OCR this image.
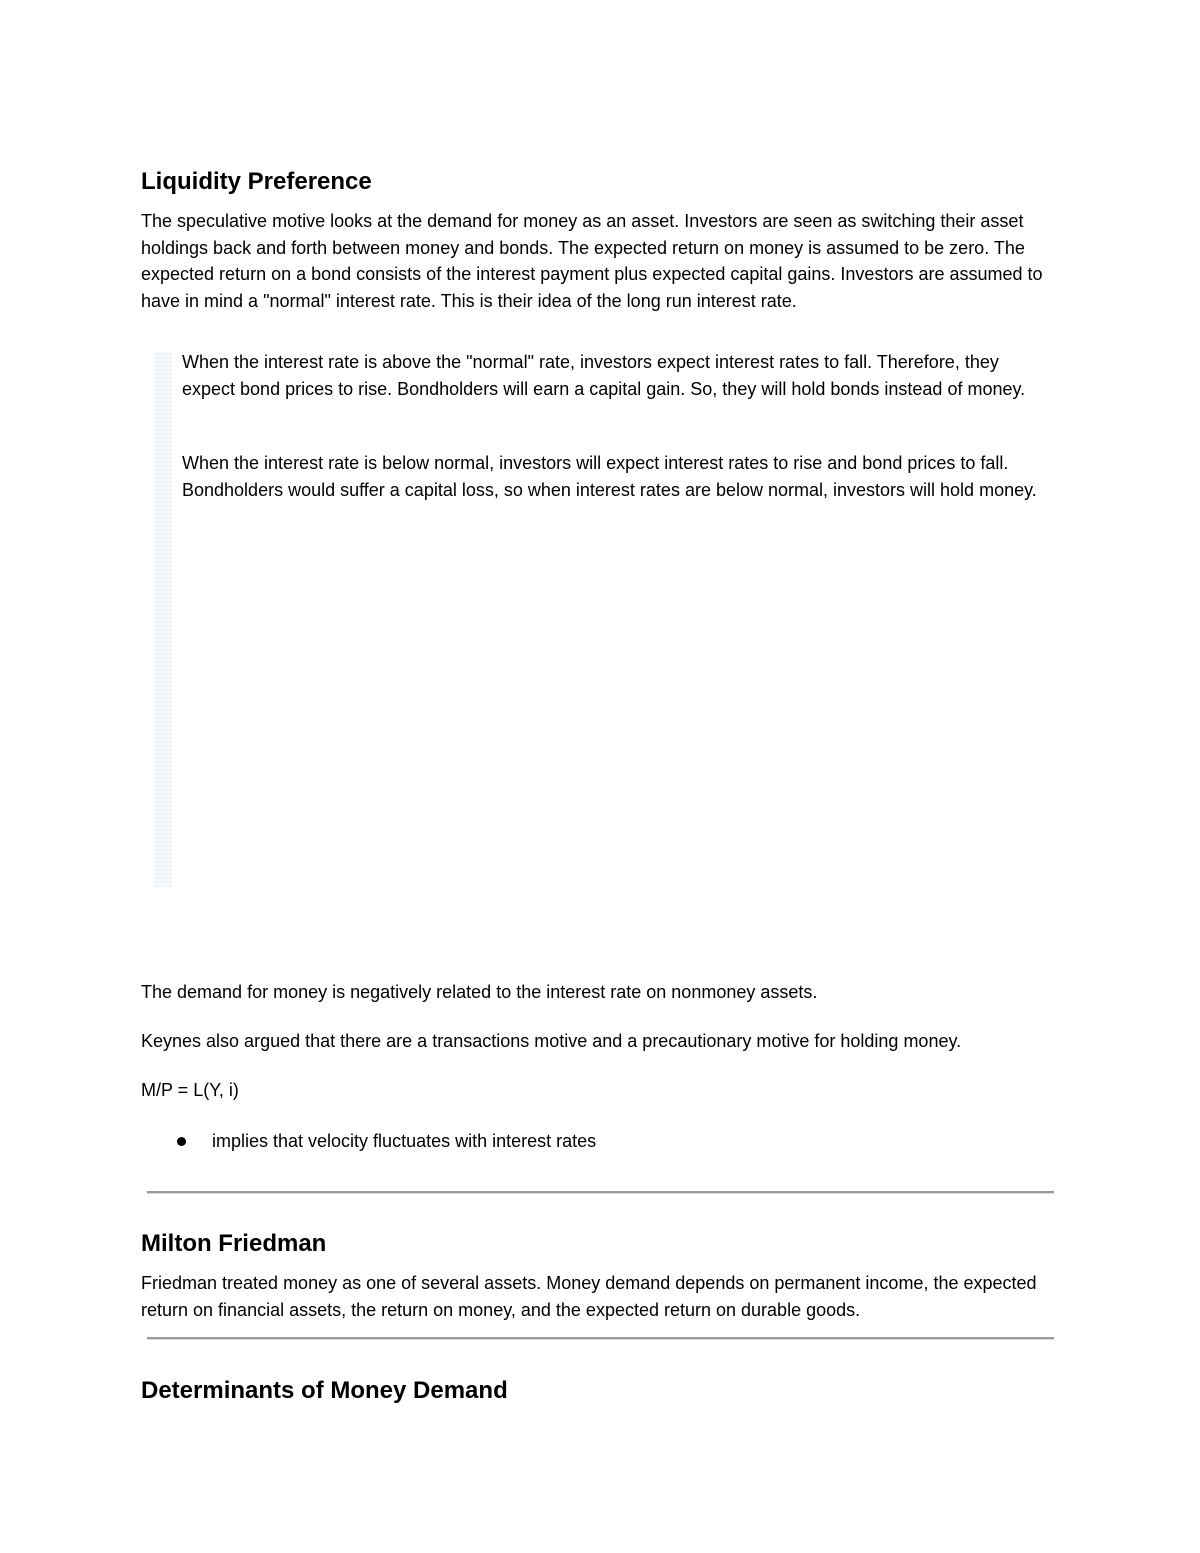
Liquidity Preference

The speculative motive looks at the demand for money as an asset. Investors are seen as switching their asset holdings back and forth between money and bonds. The expected return on money is assumed to be zero. The expected return on a bond consists of the interest payment plus expected capital gains. Investors are assumed to have in mind a "normal" interest rate. This is their idea of the long run interest rate.

When the interest rate is above the "normal" rate, investors expect interest rates to fall. Therefore, they expect bond prices to rise. Bondholders will earn a capital gain. So, they will hold bonds instead of money.

When the interest rate is below normal, investors will expect interest rates to rise and bond prices to fall. Bondholders would suffer a capital loss, so when interest rates are below normal, investors will hold money.

The demand for money is negatively related to the interest rate on nonmoney assets.

Keynes also argued that there are a transactions motive and a precautionary motive for holding money.

M/P = L(Y, i)

implies that velocity fluctuates with interest rates
Milton Friedman

Friedman treated money as one of several assets. Money demand depends on permanent income, the expected return on financial assets, the return on money, and the expected return on durable goods.

Determinants of Money Demand
